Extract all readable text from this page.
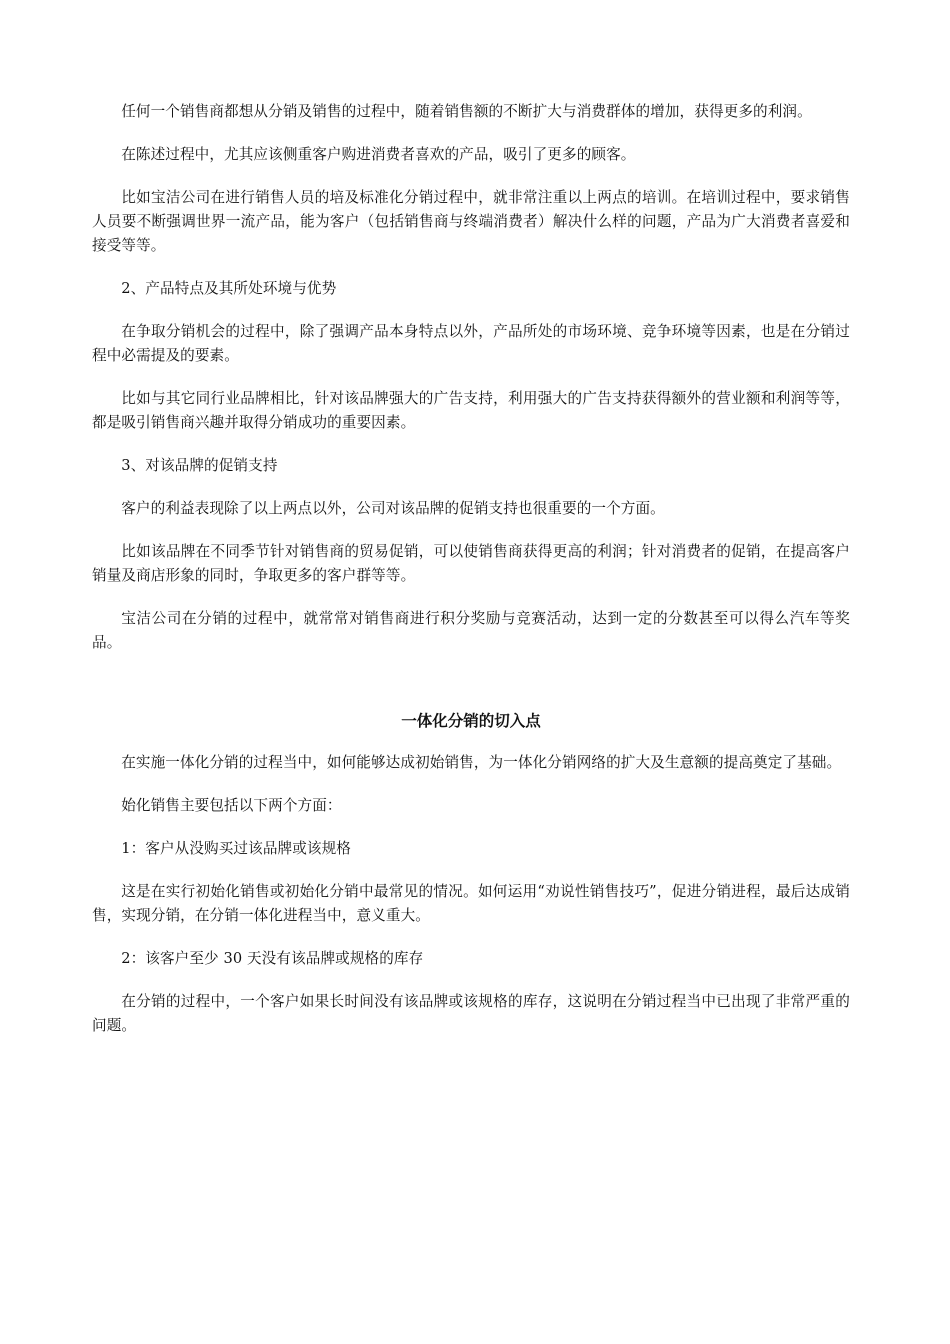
任何一个销售商都想从分销及销售的过程中，随着销售额的不断扩大与消费群体的增加，获得更多的利润。

在陈述过程中，尤其应该侧重客户购进消费者喜欢的产品，吸引了更多的顾客。

比如宝洁公司在进行销售人员的培及标准化分销过程中，就非常注重以上两点的培训。在培训过程中，要求销售人员要不断强调世界一流产品，能为客户（包括销售商与终端消费者）解决什么样的问题，产品为广大消费者喜爱和接受等等。

2、产品特点及其所处环境与优势

在争取分销机会的过程中，除了强调产品本身特点以外，产品所处的市场环境、竞争环境等因素，也是在分销过程中必需提及的要素。

比如与其它同行业品牌相比，针对该品牌强大的广告支持，利用强大的广告支持获得额外的营业额和利润等等，都是吸引销售商兴趣并取得分销成功的重要因素。

3、对该品牌的促销支持

客户的利益表现除了以上两点以外，公司对该品牌的促销支持也很重要的一个方面。

比如该品牌在不同季节针对销售商的贸易促销，可以使销售商获得更高的利润；针对消费者的促销，在提高客户销量及商店形象的同时，争取更多的客户群等等。

宝洁公司在分销的过程中，就常常对销售商进行积分奖励与竞赛活动，达到一定的分数甚至可以得么汽车等奖品。

一体化分销的切入点

在实施一体化分销的过程当中，如何能够达成初始销售，为一体化分销网络的扩大及生意额的提高奠定了基础。

始化销售主要包括以下两个方面：

1：客户从没购买过该品牌或该规格

这是在实行初始化销售或初始化分销中最常见的情况。如何运用“劝说性销售技巧”，促进分销进程，最后达成销售，实现分销，在分销一体化进程当中，意义重大。

2：该客户至少 30 天没有该品牌或规格的库存

在分销的过程中，一个客户如果长时间没有该品牌或该规格的库存，这说明在分销过程当中已出现了非常严重的问题。
